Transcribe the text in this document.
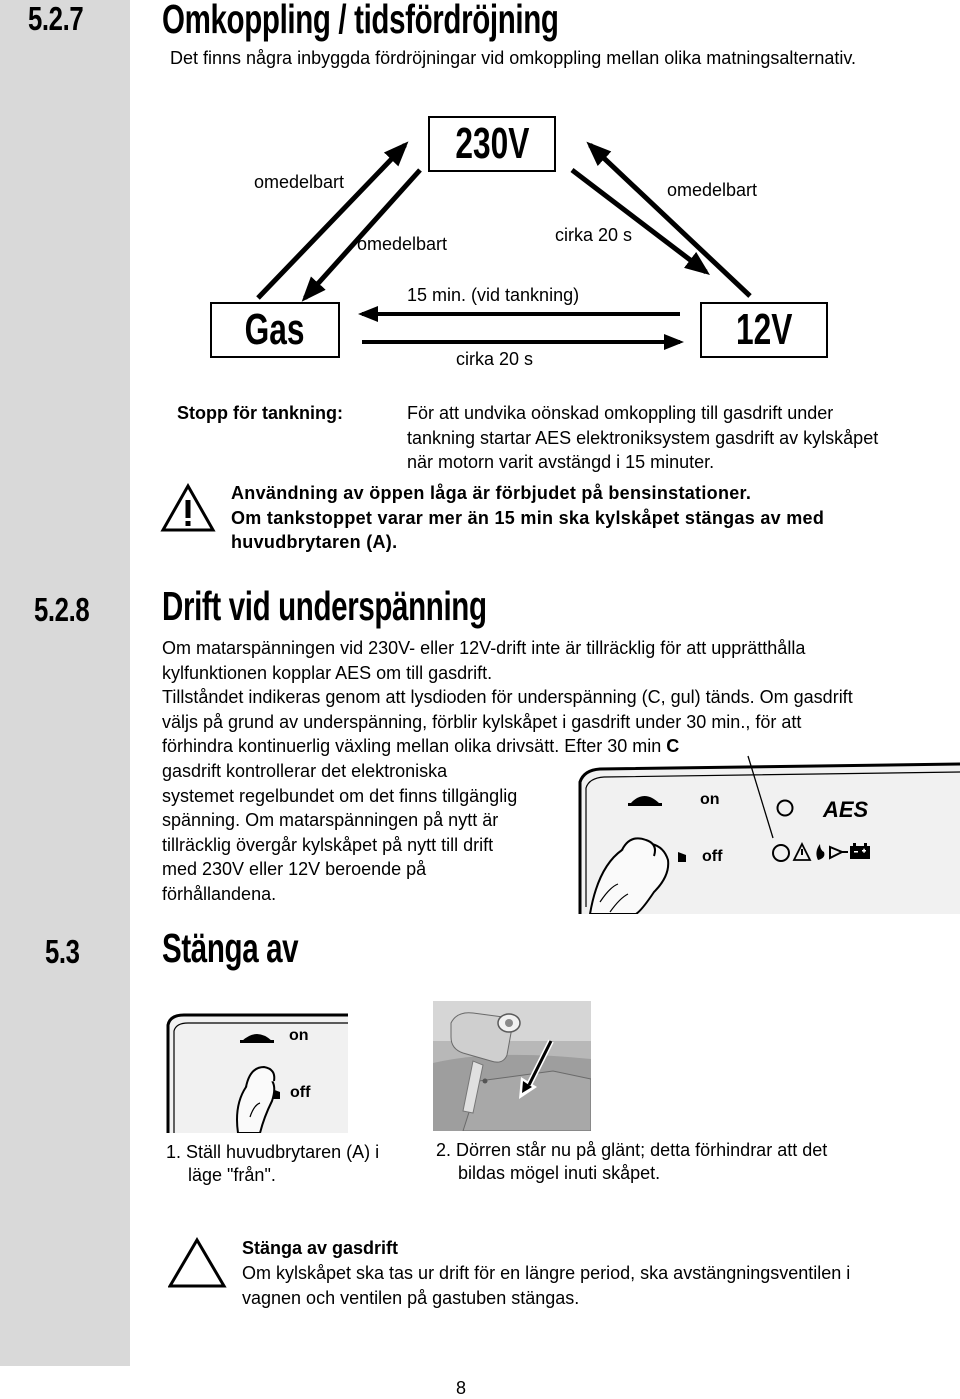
5.2.7 Omkoppling / tidsfördröjning
Det finns några inbyggda fördröjningar vid omkoppling mellan olika matningsalternativ.
230V
Gas	12V
omedelbart
omedelbart
omedelbart
cirka 20 s
15 min. (vid tankning)
cirka 20 s
Stopp för tankning:	För att undvika oönskad omkoppling till gasdrift under
tankning startar AES elektroniksystem gasdrift av kylskåpet
när motorn varit avstängd i 15 minuter.
Användning av öppen låga är förbjudet på bensinstationer.
Om tankstoppet varar mer än 15 min ska kylskåpet stängas av med
huvudbrytaren (A).
5.2.8 Drift vid underspänning
Om matarspänningen vid 230V- eller 12V-drift inte är tillräcklig för att upprätthålla
kylfunktionen kopplar AES om till gasdrift.
Tillståndet indikeras genom att lysdioden för underspänning (C, gul) tänds. Om gasdrift
väljs på grund av underspänning, förblir kylskåpet i gasdrift under 30 min., för att
förhindra kontinuerlig växling mellan olika drivsätt. Efter 30 min C
gasdrift kontrollerar det elektroniska
systemet regelbundet om det finns tillgänglig
spänning. Om matarspänningen på nytt är
tillräcklig övergår kylskåpet på nytt till drift
med 230V eller 12V beroende på
förhållandena.
AES
on
off
5.3 Stänga av
on
off
1. Ställ huvudbrytaren (A) i
läge "från".
2. Dörren står nu på glänt; detta förhindrar att det
bildas mögel inuti skåpet.
Stänga av gasdrift
Om kylskåpet ska tas ur drift för en längre period, ska avstängningsventilen i
vagnen och ventilen på gastuben stängas.
8
